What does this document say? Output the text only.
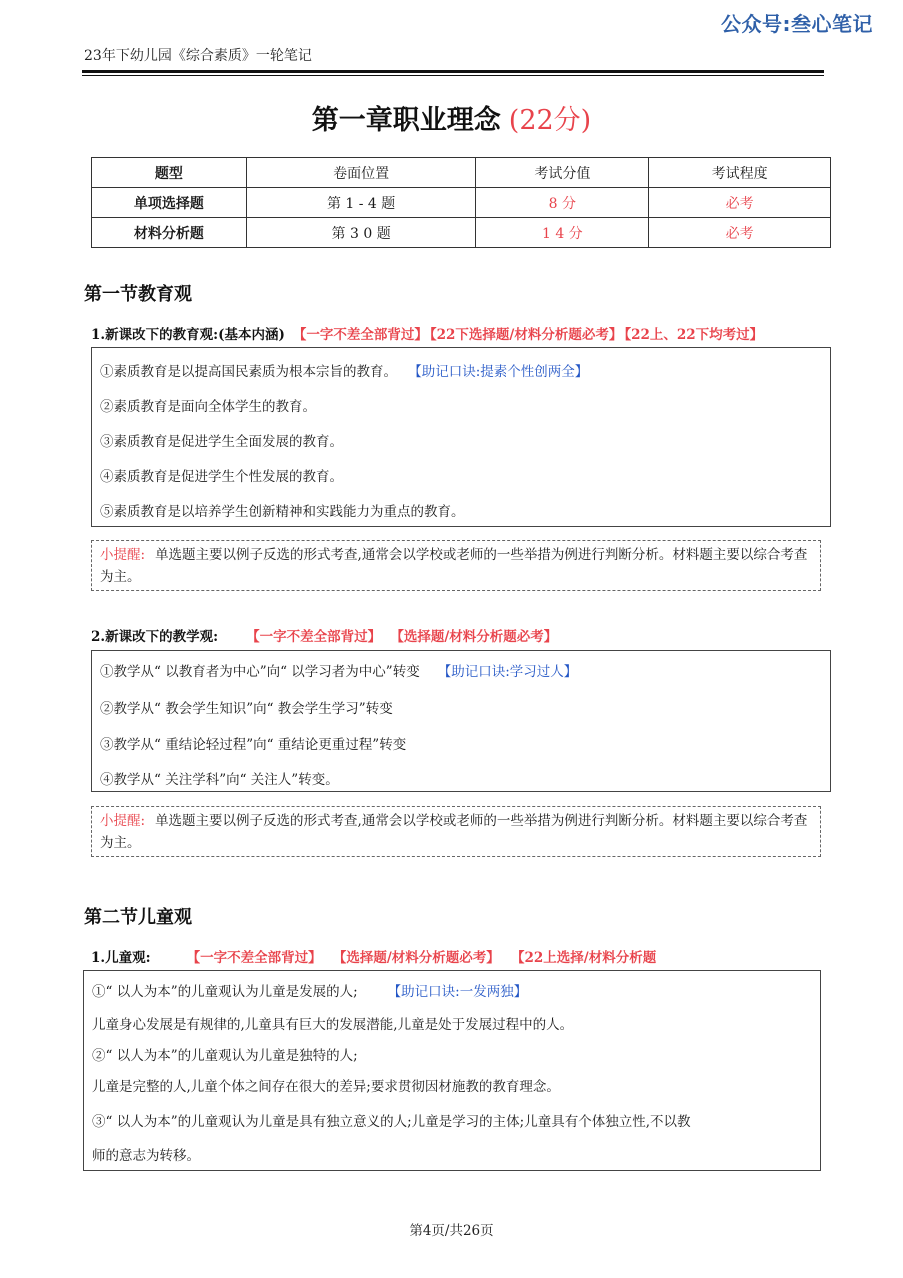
公众号:叁心笔记
23年下幼儿园《综合素质》一轮笔记
第一章职业理念 (22分)
题型	卷面位置	考试分值	考试程度
单项选择题	第 1 - 4 题	8 分	必考
材料分析题	第 3 0 题	1 4 分	必考
第一节教育观
1.新课改下的教育观:(基本内涵) 【一字不差全部背过】 【22下选择题/材料分析题必考】 【22上、22下均考过】
①素质教育是以提高国民素质为根本宗旨的教育。 【助记口诀:提素个性创两全】
②素质教育是面向全体学生的教育。
③素质教育是促进学生全面发展的教育。
④素质教育是促进学生个性发展的教育。
⑤素质教育是以培养学生创新精神和实践能力为重点的教育。
小提醒: 单选题主要以例子反选的形式考查,通常会以学校或老师的一些举措为例进行判断分析。材料题主要以综合考查为主。
2.新课改下的教学观: 【一字不差全部背过】 【选择题/材料分析题必考】
①教学从“ 以教育者为中心”向“ 以学习者为中心”转变 【助记口诀:学习过人】
②教学从“ 教会学生知识”向“ 教会学生学习”转变
③教学从“ 重结论轻过程”向“ 重结论更重过程”转变
④教学从“ 关注学科”向“ 关注人”转变。
小提醒: 单选题主要以例子反选的形式考查,通常会以学校或老师的一些举措为例进行判断分析。材料题主要以综合考查为主。
第二节儿童观
1.儿童观:	【一字不差全部背过】 【选择题/材料分析题必考】 【22上选择/材料分析题
①“ 以人为本”的儿童观认为儿童是发展的人; 【助记口诀:一发两独】
儿童身心发展是有规律的,儿童具有巨大的发展潜能,儿童是处于发展过程中的人。
②“ 以人为本”的儿童观认为儿童是独特的人;
儿童是完整的人,儿童个体之间存在很大的差异;要求贯彻因材施教的教育理念。
③“ 以人为本”的儿童观认为儿童是具有独立意义的人;儿童是学习的主体;儿童具有个体独立性,不以教
师的意志为转移。
第4页/共26页
